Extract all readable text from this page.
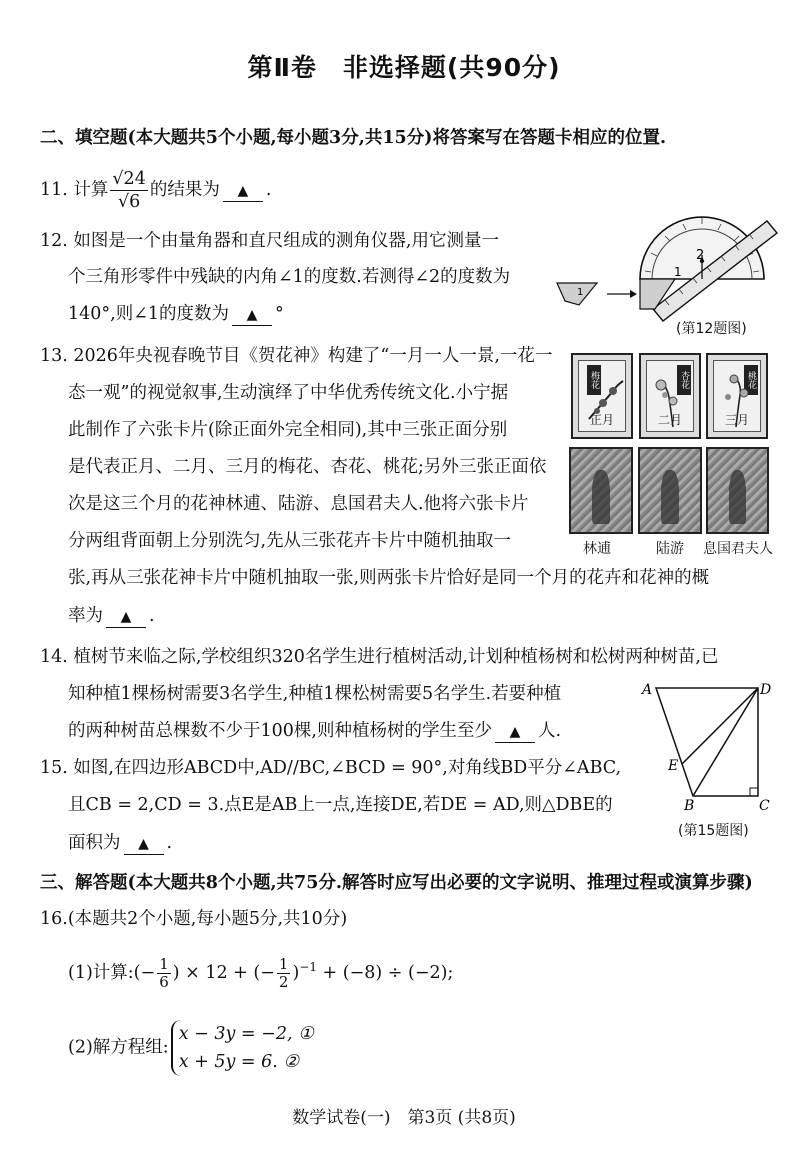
第Ⅱ卷　非选择题(共90分)
二、填空题(本大题共5个小题,每小题3分,共15分)将答案写在答题卡相应的位置.
11. 计算 $\frac{√24}{√6}$ 的结果为 ▲ .
12. 如图是一个由量角器和直尺组成的测角仪器,用它测量一
个三角形零件中残缺的内角∠1的度数.若测得∠2的度数为
140°,则∠1的度数为 ▲ °
2
1
1
(第12题图)
13. 2026年央视春晚节目《贺花神》构建了“一月一人一景,一花一
态一观”的视觉叙事,生动演绎了中华优秀传统文化.小宁据
此制作了六张卡片(除正面外完全相同),其中三张正面分别
是代表正月、二月、三月的梅花、杏花、桃花;另外三张正面依
次是这三个月的花神林逋、陆游、息国君夫人.他将六张卡片
分两组背面朝上分别洗匀,先从三张花卉卡片中随机抽取一
张,再从三张花神卡片中随机抽取一张,则两张卡片恰好是同一个月的花卉和花神的概
率为 ▲ .
梅花
正月
杏花
二月
桃花
三月
林逋	陆游 息国君夫人
14. 植树节来临之际,学校组织320名学生进行植树活动,计划种植杨树和松树两种树苗,已
知种植1棵杨树需要3名学生,种植1棵松树需要5名学生.若要种植
的两种树苗总棵数不少于100棵,则种植杨树的学生至少 ▲ 人.
15. 如图,在四边形ABCD中,AD//BC,∠BCD = 90°,对角线BD平分∠ABC,
且CB = 2,CD = 3.点E是AB上一点,连接DE,若DE = AD,则△DBE的
面积为 ▲ .
A	D
E
B	C
(第15题图)
三、解答题(本大题共8个小题,共75分.解答时应写出必要的文字说明、推理过程或演算步骤)
16.(本题共2个小题,每小题5分,共10分)
(1)计算:(− $\frac{1}{6}$ ) × 12 + (− $\frac{1}{2} )^{-1} + (-8) \div (-2)$;
(2)解方程组:
x − 3y = −2, ①
x + 5y = 6. ②
数学试卷(一)　第3页 (共8页)
